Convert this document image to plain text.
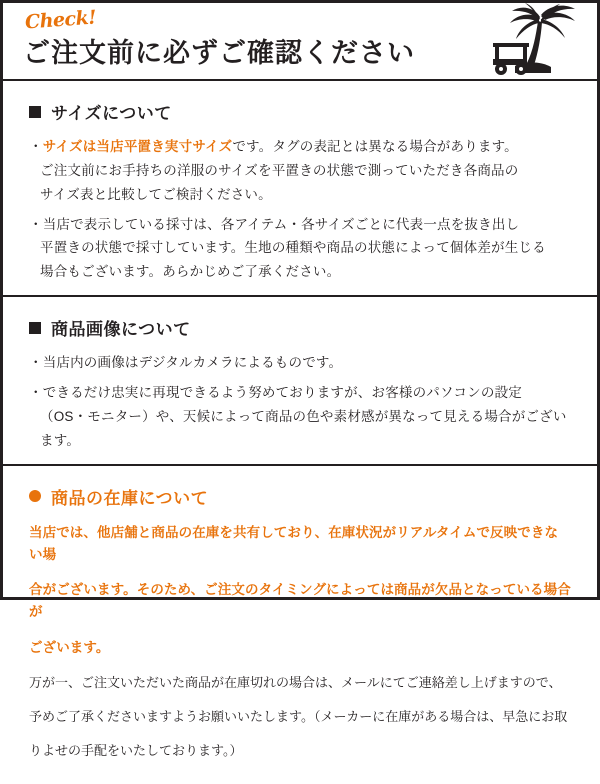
Check!
ご注文前に必ずご確認ください
サイズについて

・サイズは当店平置き実寸サイズです。タグの表記とは異なる場合があります。

ご注文前にお手持ちの洋服のサイズを平置きの状態で測っていただき各商品の

サイズ表と比較してご検討ください。

・当店で表示している採寸は、各アイテム・各サイズごとに代表一点を抜き出し

平置きの状態で採寸しています。生地の種類や商品の状態によって個体差が生じる

場合もございます。あらかじめご了承ください。

商品画像について

・当店内の画像はデジタルカメラによるものです。

・できるだけ忠実に再現できるよう努めておりますが、お客様のパソコンの設定

（OS・モニター）や、天候によって商品の色や素材感が異なって見える場合がござい

ます。

商品の在庫について

当店では、他店舗と商品の在庫を共有しており、在庫状況がリアルタイムで反映できない場

合がございます。そのため、ご注文のタイミングによっては商品が欠品となっている場合が

ございます。

万が一、ご注文いただいた商品が在庫切れの場合は、メールにてご連絡差し上げますので、

予めご了承くださいますようお願いいたします。（メーカーに在庫がある場合は、早急にお取

りよせの手配をいたしております。）
